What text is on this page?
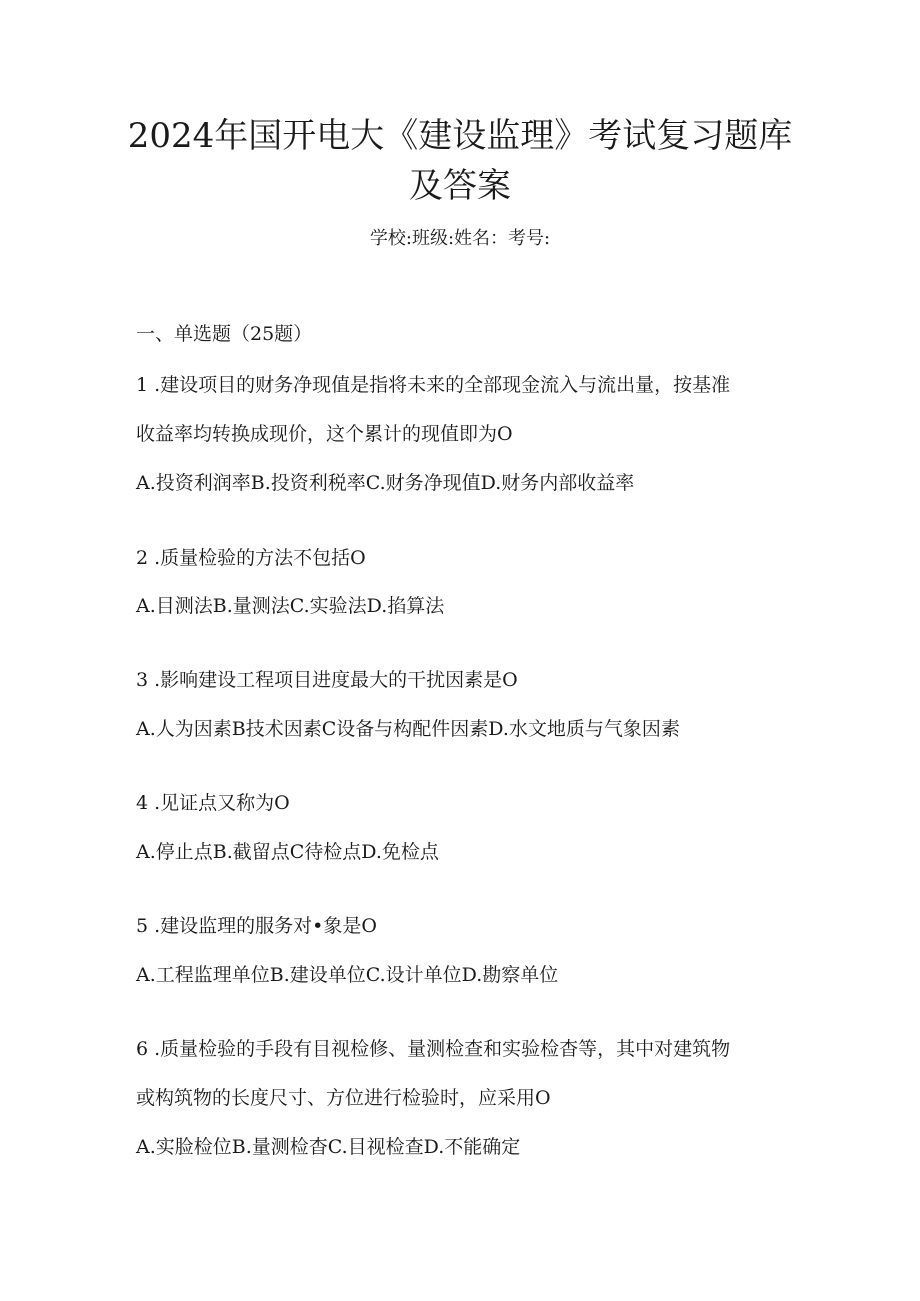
2024年国开电大《建设监理》考试复习题库
及答案
学校:班级:姓名：考号:
一、单选题（25题）
1 .建设项目的财务净现值是指将未来的全部现金流入与流出量，按基准
收益率均转换成现价，这个累计的现值即为O
A.投资利润率B.投资利税率C.财务净现值D.财务内部收益率
2 .质量检验的方法不包括O
A.目测法B.量测法C.实验法D.掐算法
3 .影响建设工程项目进度最大的干扰因素是O
A.人为因素B技术因素C设备与构配件因素D.水文地质与气象因素
4 .见证点又称为O
A.停止点B.截留点C待检点D.免检点
5 .建设监理的服务对•象是O
A.工程监理单位B.建设单位C.设计单位D.勘察单位
6 .质量检验的手段有目视检修、量测检查和实验检杳等，其中对建筑物
或构筑物的长度尺寸、方位进行检验时，应采用O
A.实脸检位B.量测检杳C.目视检查D.不能确定
